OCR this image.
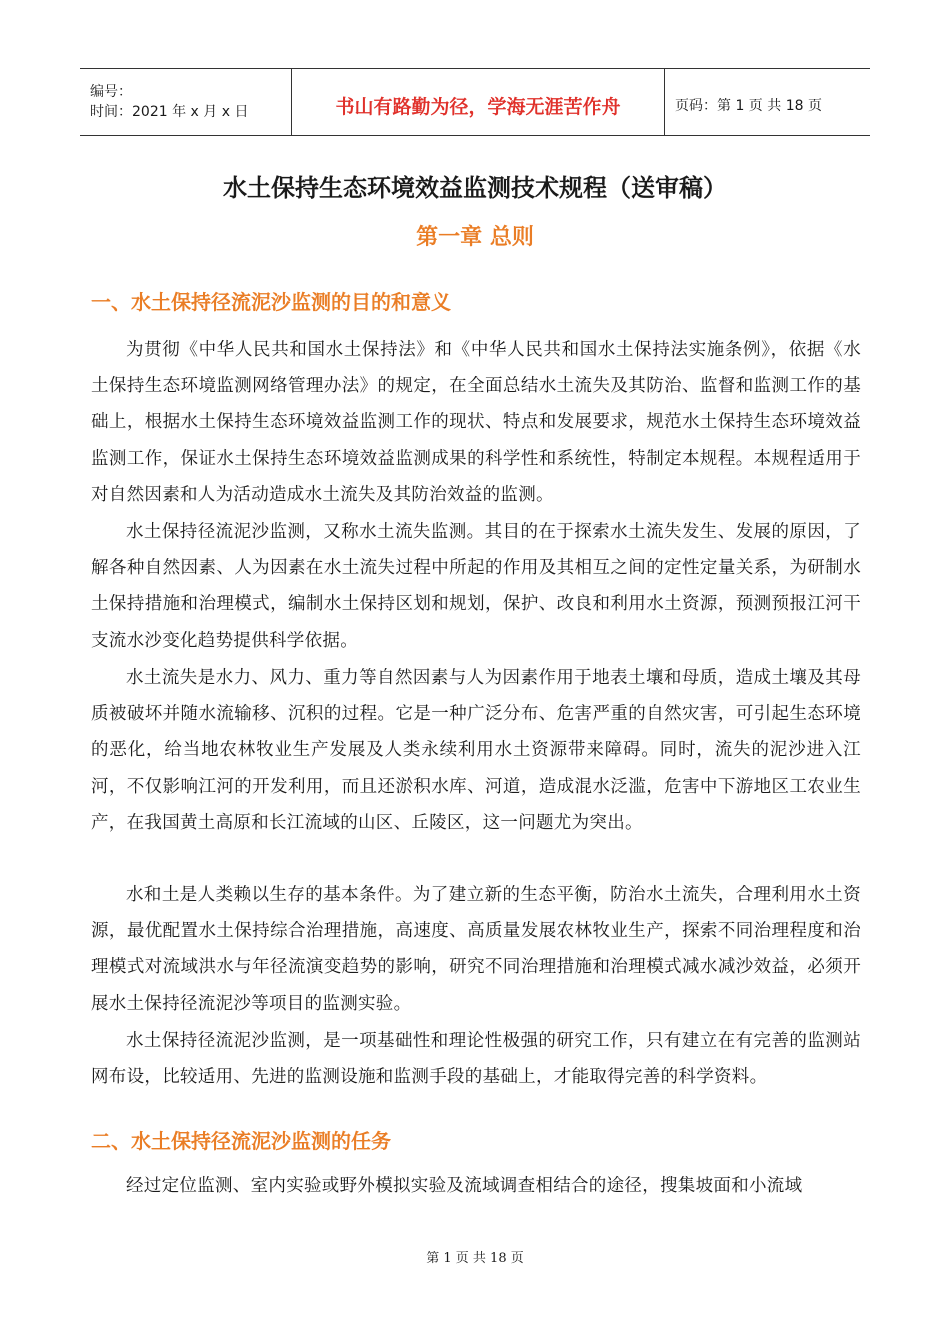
编号：
时间：2021 年 x 月 x 日	书山有路勤为径，学海无涯苦作舟	页码：第 1 页 共 18 页
水土保持生态环境效益监测技术规程（送审稿）
第一章 总则
一、水土保持径流泥沙监测的目的和意义

为贯彻《中华人民共和国水土保持法》和《中华人民共和国水土保持法实施条例》，依据《水土保持生态环境监测网络管理办法》的规定，在全面总结水土流失及其防治、监督和监测工作的基础上，根据水土保持生态环境效益监测工作的现状、特点和发展要求，规范水土保持生态环境效益监测工作，保证水土保持生态环境效益监测成果的科学性和系统性，特制定本规程。本规程适用于对自然因素和人为活动造成水土流失及其防治效益的监测。

水土保持径流泥沙监测，又称水土流失监测。其目的在于探索水土流失发生、发展的原因，了解各种自然因素、人为因素在水土流失过程中所起的作用及其相互之间的定性定量关系，为研制水土保持措施和治理模式，编制水土保持区划和规划，保护、改良和利用水土资源，预测预报江河干支流水沙变化趋势提供科学依据。

水土流失是水力、风力、重力等自然因素与人为因素作用于地表土壤和母质，造成土壤及其母质被破坏并随水流输移、沉积的过程。它是一种广泛分布、危害严重的自然灾害，可引起生态环境的恶化，给当地农林牧业生产发展及人类永续利用水土资源带来障碍。同时，流失的泥沙进入江河，不仅影响江河的开发利用，而且还淤积水库、河道，造成混水泛滥，危害中下游地区工农业生产，在我国黄土高原和长江流域的山区、丘陵区，这一问题尤为突出。

水和土是人类赖以生存的基本条件。为了建立新的生态平衡，防治水土流失，合理利用水土资源，最优配置水土保持综合治理措施，高速度、高质量发展农林牧业生产，探索不同治理程度和治理模式对流域洪水与年径流演变趋势的影响，研究不同治理措施和治理模式减水减沙效益，必须开展水土保持径流泥沙等项目的监测实验。

水土保持径流泥沙监测，是一项基础性和理论性极强的研究工作，只有建立在有完善的监测站网布设，比较适用、先进的监测设施和监测手段的基础上，才能取得完善的科学资料。

二、水土保持径流泥沙监测的任务

经过定位监测、室内实验或野外模拟实验及流域调查相结合的途径，搜集坡面和小流域

第 1 页 共 18 页
